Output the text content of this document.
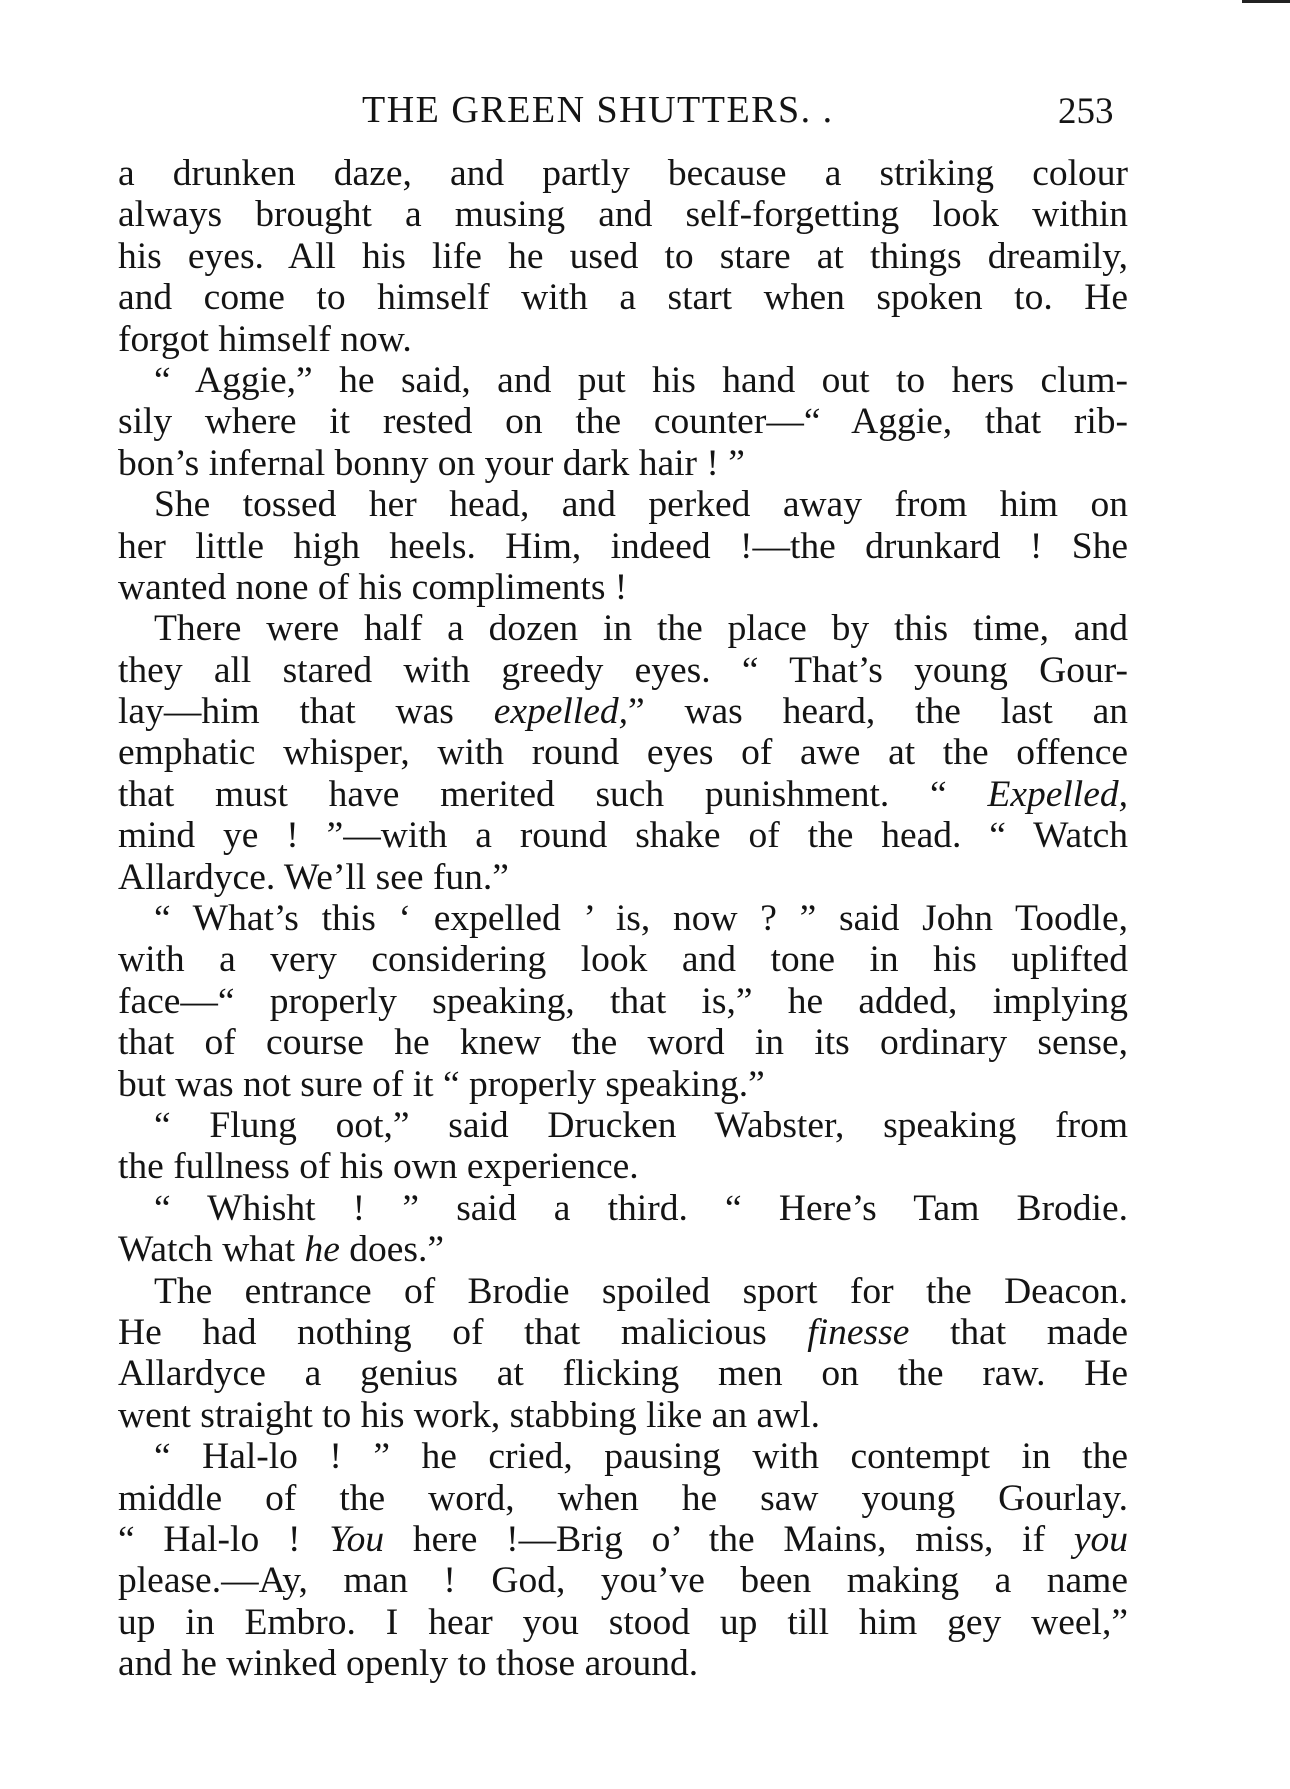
THE GREEN SHUTTERS. .	253
a drunken daze, and partly because a striking colour
always brought a musing and self-forgetting look within
his eyes. All his life he used to stare at things dreamily,
and come to himself with a start when spoken to. He
forgot himself now.
“ Aggie,” he said, and put his hand out to hers clum-
sily where it rested on the counter—“ Aggie, that rib-
bon’s infernal bonny on your dark hair ! ”
She tossed her head, and perked away from him on
her little high heels. Him, indeed !—the drunkard ! She
wanted none of his compliments !
There were half a dozen in the place by this time, and
they all stared with greedy eyes. “ That’s young Gour-
lay—him that was expelled,” was heard, the last an
emphatic whisper, with round eyes of awe at the offence
that must have merited such punishment. “ Expelled,
mind ye ! ”—with a round shake of the head. “ Watch
Allardyce. We’ll see fun.”
“ What’s this ‘ expelled ’ is, now ? ” said John Toodle,
with a very considering look and tone in his uplifted
face—“ properly speaking, that is,” he added, implying
that of course he knew the word in its ordinary sense,
but was not sure of it “ properly speaking.”
“ Flung oot,” said Drucken Wabster, speaking from
the fullness of his own experience.
“ Whisht ! ” said a third. “ Here’s Tam Brodie.
Watch what he does.”
The entrance of Brodie spoiled sport for the Deacon.
He had nothing of that malicious finesse that made
Allardyce a genius at flicking men on the raw. He
went straight to his work, stabbing like an awl.
“ Hal-lo ! ” he cried, pausing with contempt in the
middle of the word, when he saw young Gourlay.
“ Hal-lo ! You here !—Brig o’ the Mains, miss, if you
please.—Ay, man ! God, you’ve been making a name
up in Embro. I hear you stood up till him gey weel,”
and he winked openly to those around.
